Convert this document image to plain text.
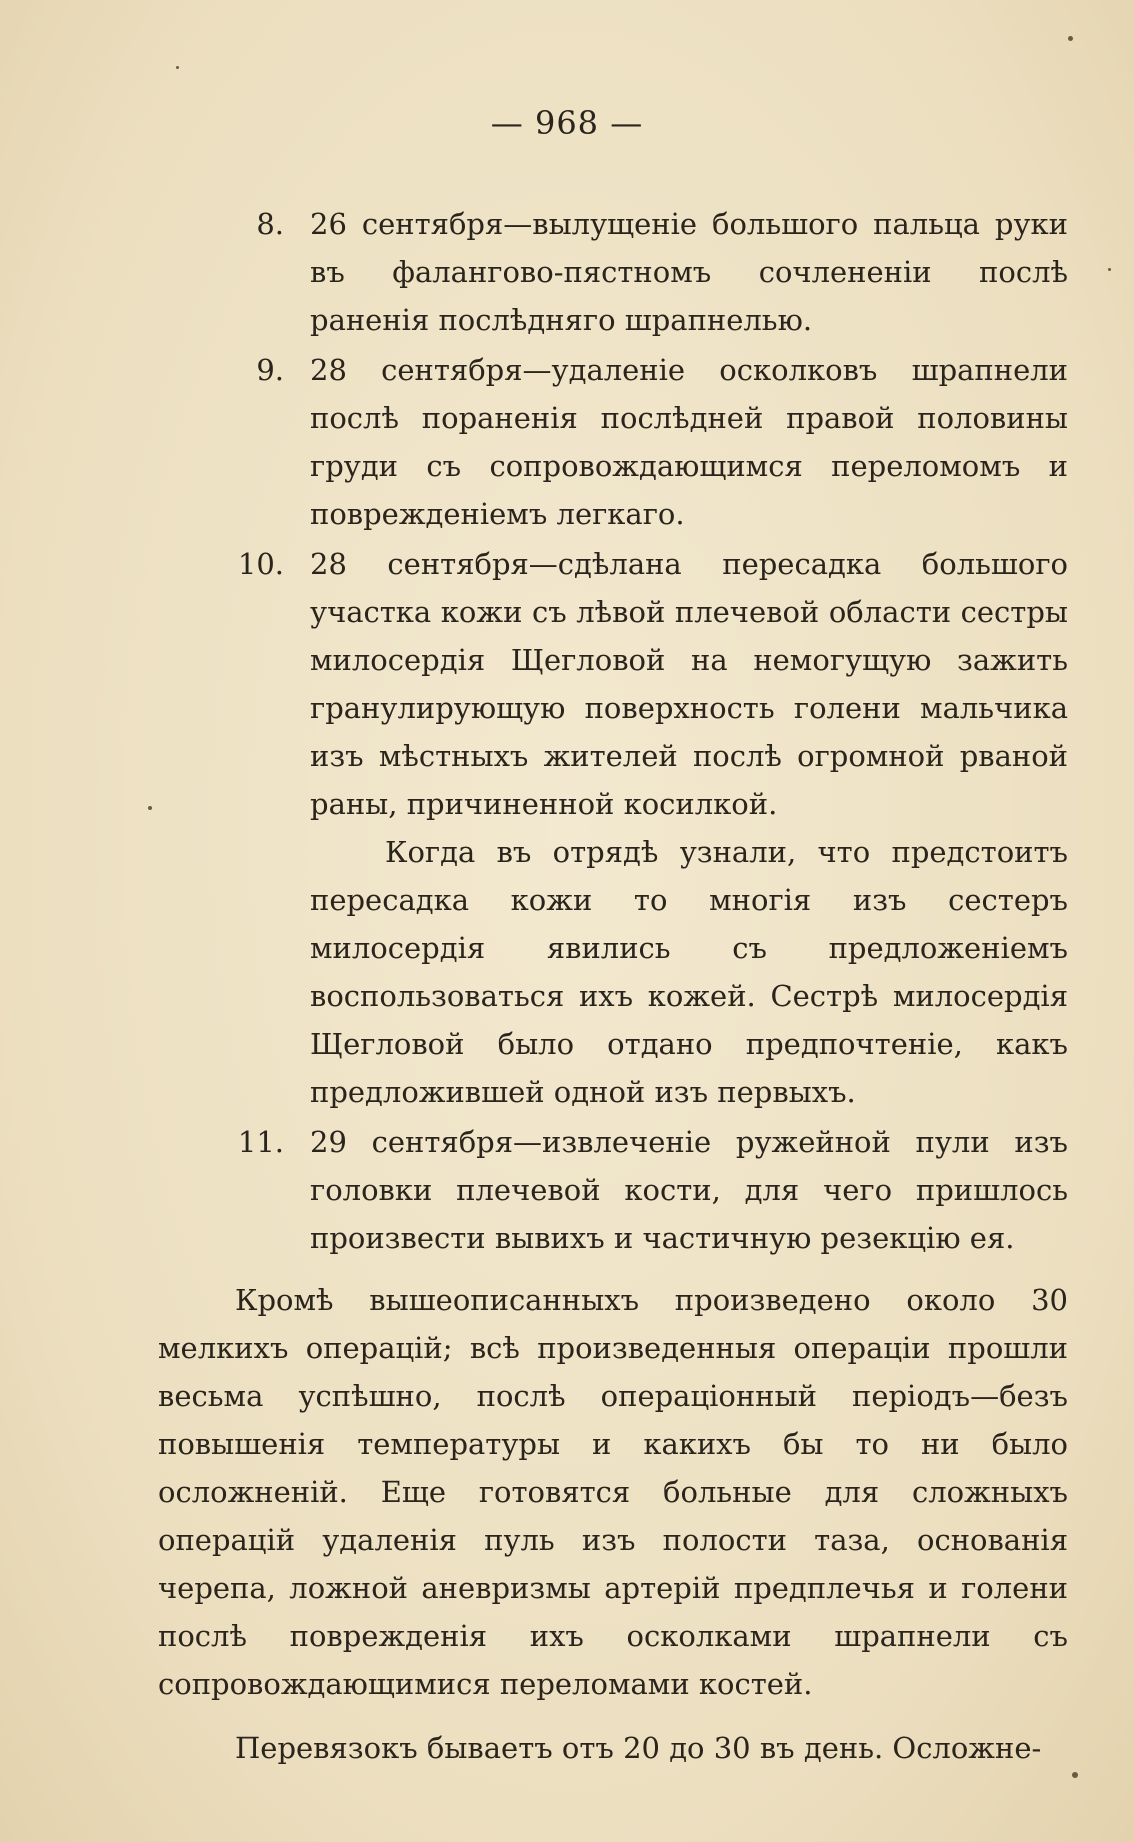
— 968 —
8. 26 сентября—вылущеніе большого пальца руки въ фаланговo-пястномъ сочлененіи послѣ раненія послѣдняго шрапнелью.

9. 28 сентября—удаленіе осколковъ шрапнели послѣ пораненія послѣдней правой половины груди съ сопровождающимся переломомъ и поврежденіемъ легкаго.

10. 28 сентября—сдѣлана пересадка большого участка кожи съ лѣвой плечевой области сестры милосердія Щегловой на немогущую зажить гранулирующую поверхность голени мальчика изъ мѣстныхъ жителей послѣ огромной рваной раны, причиненной косилкой.

Когда въ отрядѣ узнали, что предстоитъ пересадка кожи то многія изъ сестеръ милосердія явились съ предложеніемъ воспользоваться ихъ кожей. Сестрѣ милосердія Щегловой было отдано предпочтеніе, какъ предложившей одной изъ первыхъ.

11. 29 сентября—извлеченіе ружейной пули изъ головки плечевой кости, для чего пришлось произвести вывихъ и частичную резекцію ея.

Кромѣ вышеописанныхъ произведено около 30 мелкихъ операцій; всѣ произведенныя операціи прошли весьма успѣшно, послѣ операціонный періодъ—безъ повышенія температуры и какихъ бы то ни было осложненій. Еще готовятся больные для сложныхъ операцій удаленія пуль изъ полости таза, основанія черепа, ложной аневризмы артерій предплечья и голени послѣ поврежденія ихъ осколками шрапнели съ сопровождающимися переломами костей.

Перевязокъ бываетъ отъ 20 до 30 въ день. Осложне-
